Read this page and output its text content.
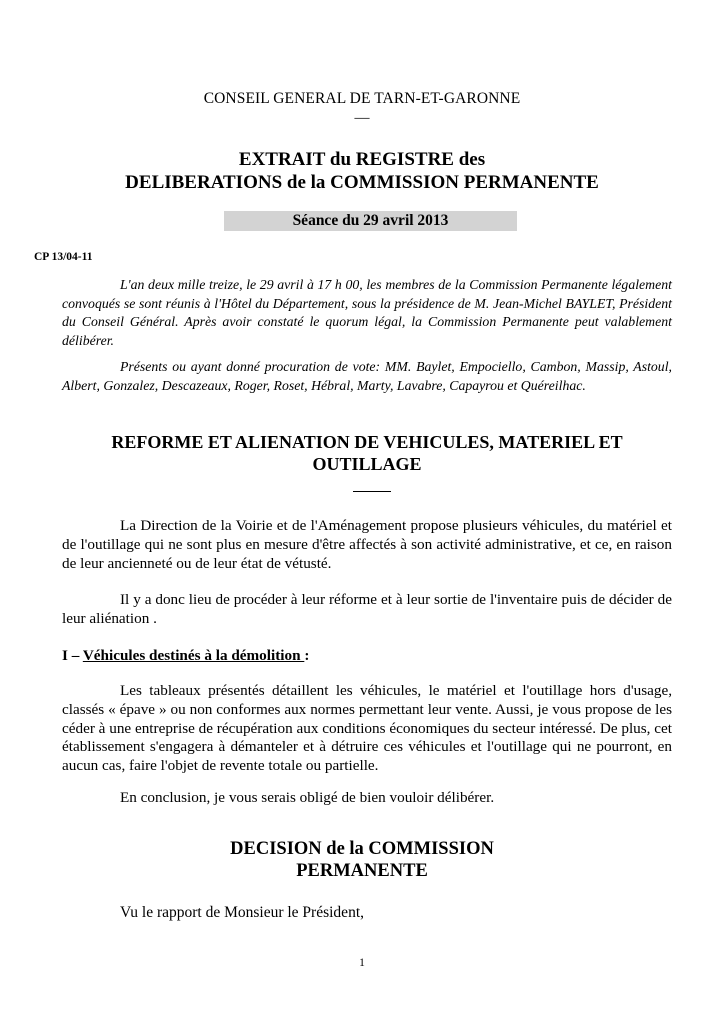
CONSEIL GENERAL DE TARN-ET-GARONNE
—
EXTRAIT du REGISTRE des
DELIBERATIONS de la COMMISSION PERMANENTE
Séance du 29 avril 2013
CP 13/04-11
L'an deux mille treize, le 29 avril à 17 h 00, les membres de la Commission Permanente légalement convoqués se sont réunis à l'Hôtel du Département, sous la présidence de M. Jean-Michel BAYLET, Président du Conseil Général. Après avoir constaté le quorum légal, la Commission Permanente peut valablement délibérer.
Présents ou ayant donné procuration de vote: MM. Baylet, Empociello, Cambon, Massip, Astoul, Albert, Gonzalez, Descazeaux, Roger, Roset, Hébral, Marty, Lavabre, Capayrou et Quéreilhac.
REFORME ET ALIENATION DE VEHICULES, MATERIEL ET OUTILLAGE
La Direction de la Voirie et de l'Aménagement propose plusieurs véhicules, du matériel et de l'outillage qui ne sont plus en mesure d'être affectés à son activité administrative, et ce, en raison de leur ancienneté ou de leur état de vétusté.
Il y a donc lieu de procéder à leur réforme et à leur sortie de l'inventaire puis de décider de leur aliénation .
I – Véhicules destinés à la démolition :
Les tableaux présentés détaillent les véhicules, le matériel et l'outillage hors d'usage, classés « épave » ou non conformes aux normes permettant leur vente. Aussi, je vous propose de les céder à une entreprise de récupération aux conditions économiques du secteur intéressé. De plus, cet établissement s'engagera à démanteler et à détruire ces véhicules et l'outillage qui ne pourront, en aucun cas, faire l'objet de revente totale ou partielle.
En conclusion, je vous serais obligé de bien vouloir délibérer.
DECISION de la COMMISSION
PERMANENTE
Vu le rapport de Monsieur le Président,
1
